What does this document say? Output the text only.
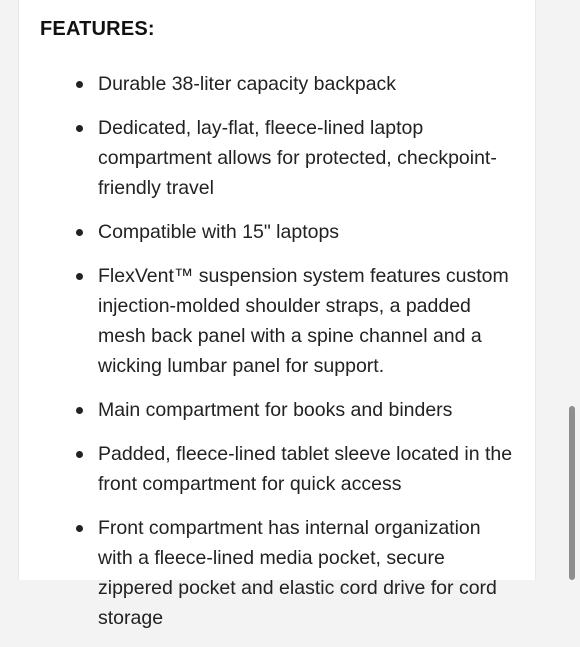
FEATURES:
Durable 38-liter capacity backpack
Dedicated, lay-flat, fleece-lined laptop compartment allows for protected, checkpoint-friendly travel
Compatible with 15" laptops
FlexVent™ suspension system features custom injection-molded shoulder straps, a padded mesh back panel with a spine channel and a wicking lumbar panel for support.
Main compartment for books and binders
Padded, fleece-lined tablet sleeve located in the front compartment for quick access
Front compartment has internal organization with a fleece-lined media pocket, secure zippered pocket and elastic cord drive for cord storage
